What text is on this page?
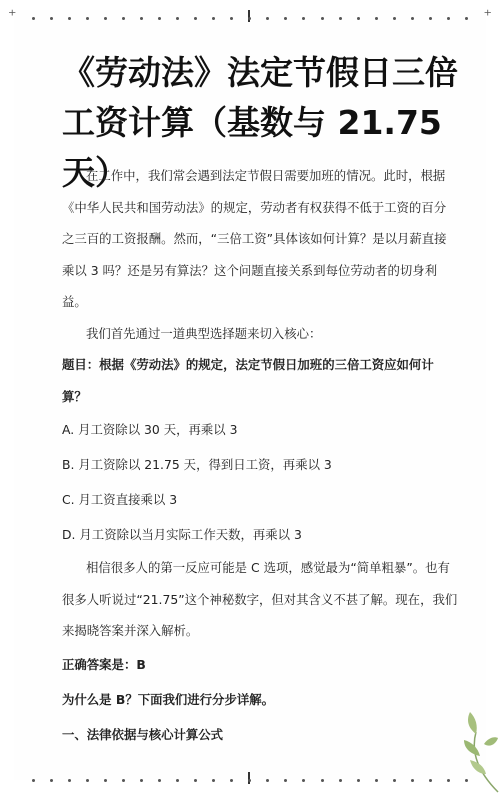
⁺	⁺
《劳动法》法定节假日三倍工资计算（基数与 21.75 天）

在工作中，我们常会遇到法定节假日需要加班的情况。此时，根据《中华人民共和国劳动法》的规定，劳动者有权获得不低于工资的百分之三百的工资报酬。然而，“三倍工资”具体该如何计算？是以月薪直接乘以 3 吗？还是另有算法？这个问题直接关系到每位劳动者的切身利益。

我们首先通过一道典型选择题来切入核心：

题目：根据《劳动法》的规定，法定节假日加班的三倍工资应如何计算？

A. 月工资除以 30 天，再乘以 3

B. 月工资除以 21.75 天，得到日工资，再乘以 3

C. 月工资直接乘以 3

D. 月工资除以当月实际工作天数，再乘以 3

相信很多人的第一反应可能是 C 选项，感觉最为“简单粗暴”。也有很多人听说过“21.75”这个神秘数字，但对其含义不甚了解。现在，我们来揭晓答案并深入解析。

正确答案是：B

为什么是 B？下面我们进行分步详解。

一、法律依据与核心计算公式
